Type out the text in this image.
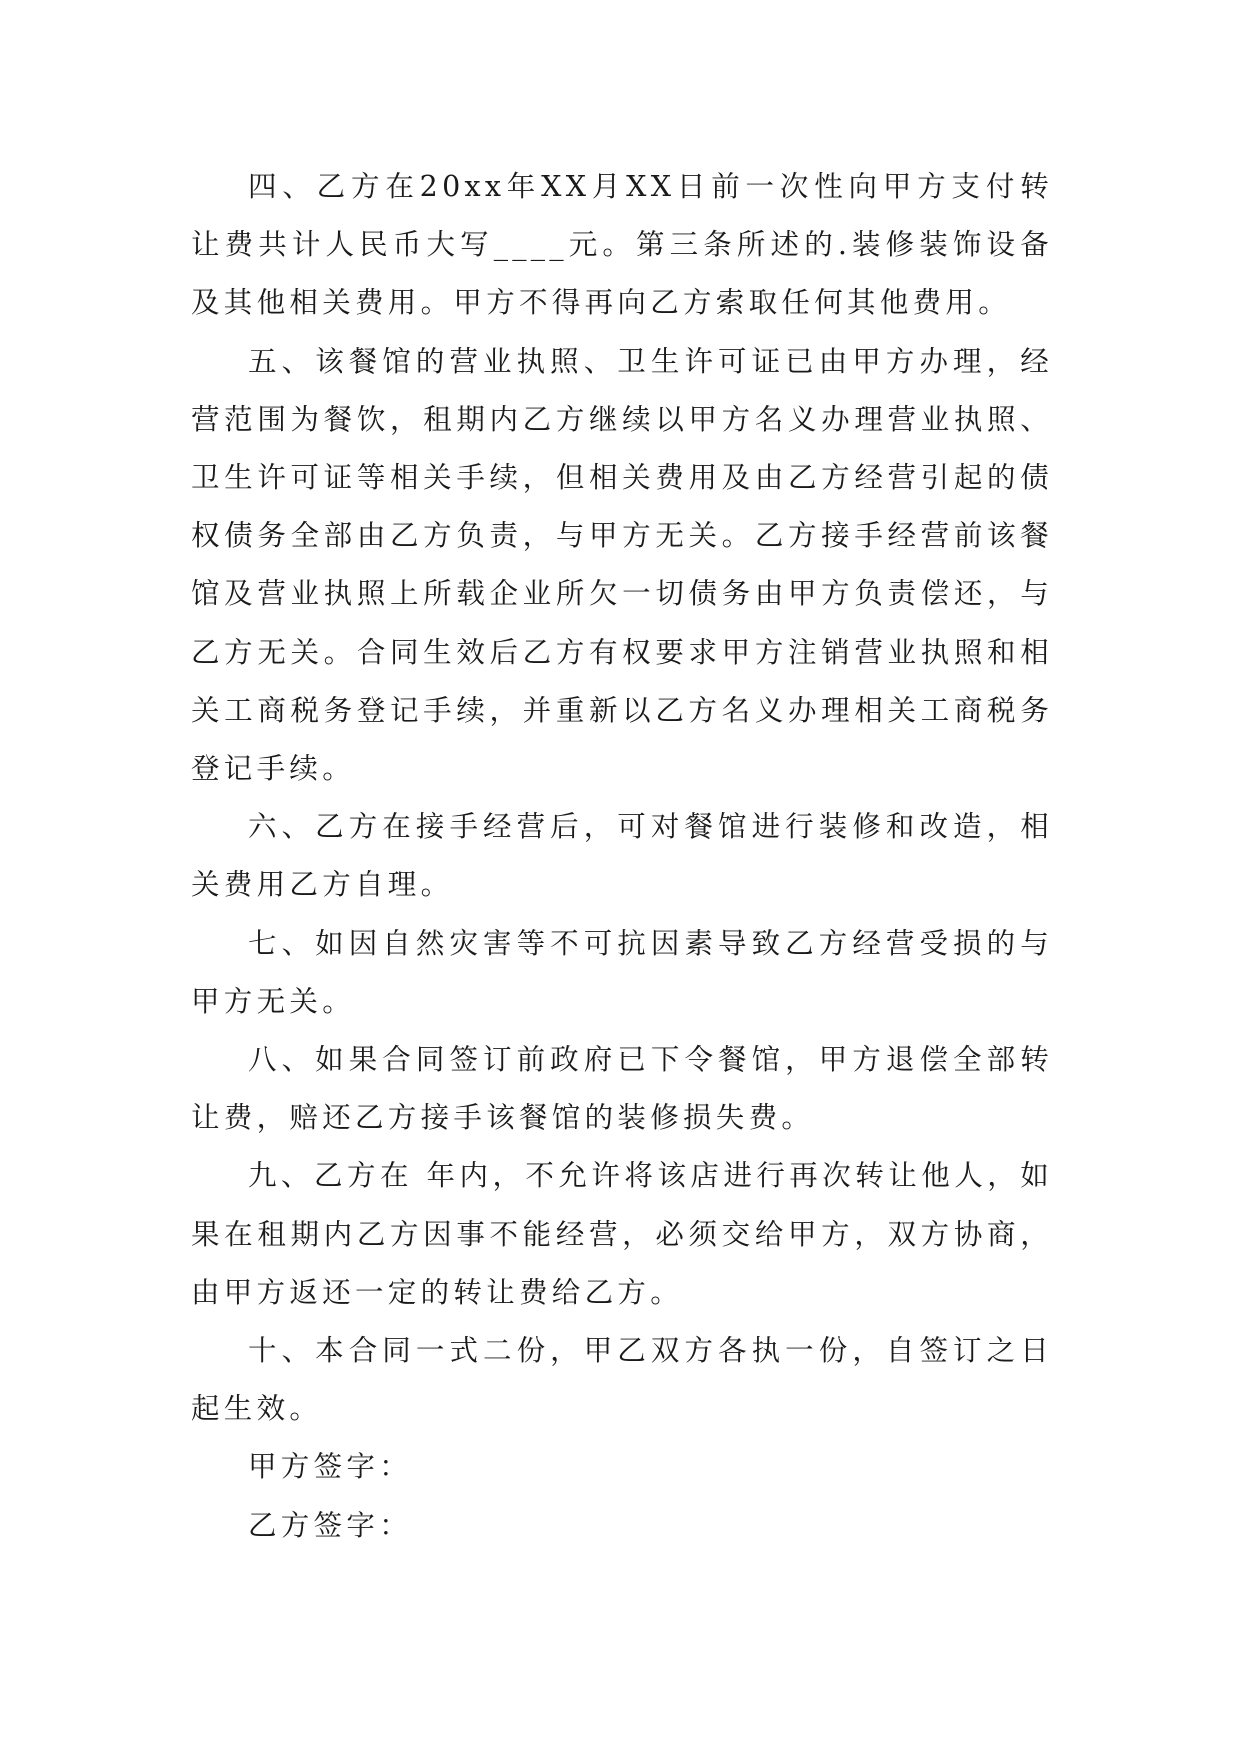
四、乙方在20xx年XX月XX日前一次性向甲方支付转让费共计人民币大写____元。第三条所述的.装修装饰设备及其他相关费用。甲方不得再向乙方索取任何其他费用。

五、该餐馆的营业执照、卫生许可证已由甲方办理，经营范围为餐饮，租期内乙方继续以甲方名义办理营业执照、卫生许可证等相关手续，但相关费用及由乙方经营引起的债权债务全部由乙方负责，与甲方无关。乙方接手经营前该餐馆及营业执照上所载企业所欠一切债务由甲方负责偿还，与乙方无关。合同生效后乙方有权要求甲方注销营业执照和相关工商税务登记手续，并重新以乙方名义办理相关工商税务登记手续。

六、乙方在接手经营后，可对餐馆进行装修和改造，相关费用乙方自理。

七、如因自然灾害等不可抗因素导致乙方经营受损的与甲方无关。

八、如果合同签订前政府已下令餐馆，甲方退偿全部转让费，赔还乙方接手该餐馆的装修损失费。

九、乙方在 年内，不允许将该店进行再次转让他人，如果在租期内乙方因事不能经营，必须交给甲方，双方协商，由甲方返还一定的转让费给乙方。

十、本合同一式二份，甲乙双方各执一份，自签订之日起生效。

甲方签字：

乙方签字：
